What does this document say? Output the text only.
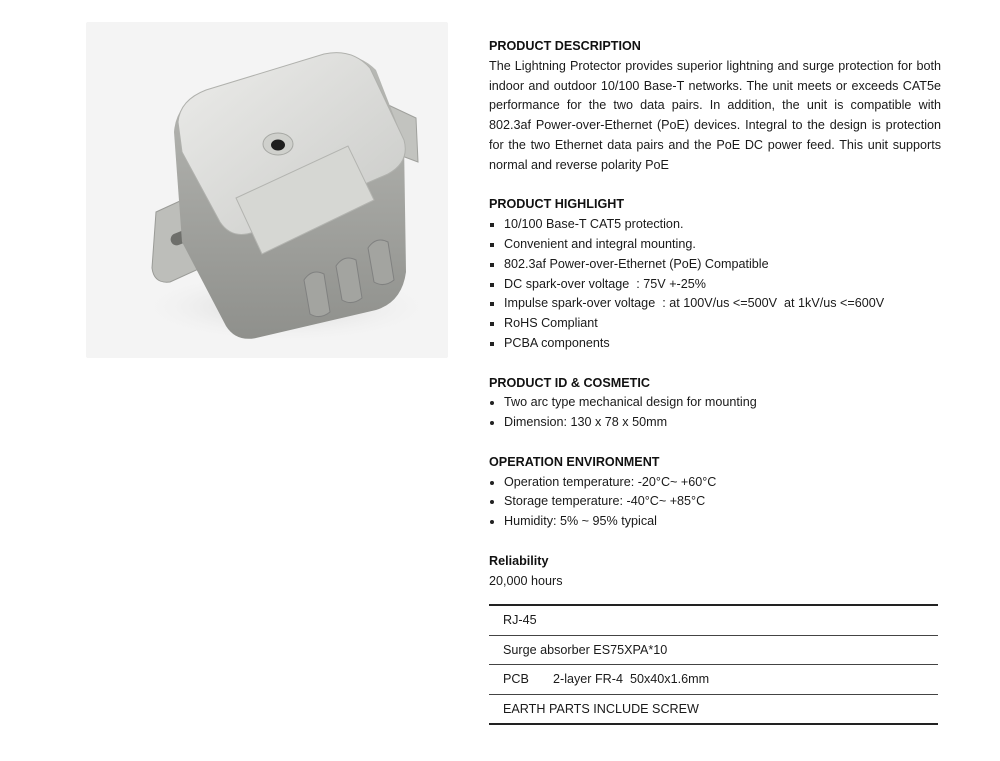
PRODUCT DESCRIPTION

The Lightning Protector provides superior lightning and surge protection for both indoor and outdoor 10/100 Base-T networks. The unit meets or exceeds CAT5e performance for the two data pairs. In addition, the unit is compatible with 802.3af Power-over-Ethernet (PoE) devices. Integral to the design is protection for the two Ethernet data pairs and the PoE DC power feed. This unit supports normal and reverse polarity PoE

PRODUCT HIGHLIGHT

10/100 Base-T CAT5 protection.
Convenient and integral mounting.
802.3af Power-over-Ethernet (PoE) Compatible
DC spark-over voltage  : 75V +-25%
Impulse spark-over voltage  : at 100V/us <=500V  at 1kV/us <=600V
RoHS Compliant
PCBA components

PRODUCT ID & COSMETIC

Two arc type mechanical design for mounting
Dimension: 130 x 78 x 50mm

OPERATION ENVIRONMENT

Operation temperature: -20°C~ +60°C
Storage temperature: -40°C~ +85°C
Humidity: 5% ~ 95% typical

Reliability

20,000 hours

RJ-45
Surge absorber ES75XPA*10
PCB	2-layer FR-4  50x40x1.6mm
EARTH PARTS INCLUDE SCREW
